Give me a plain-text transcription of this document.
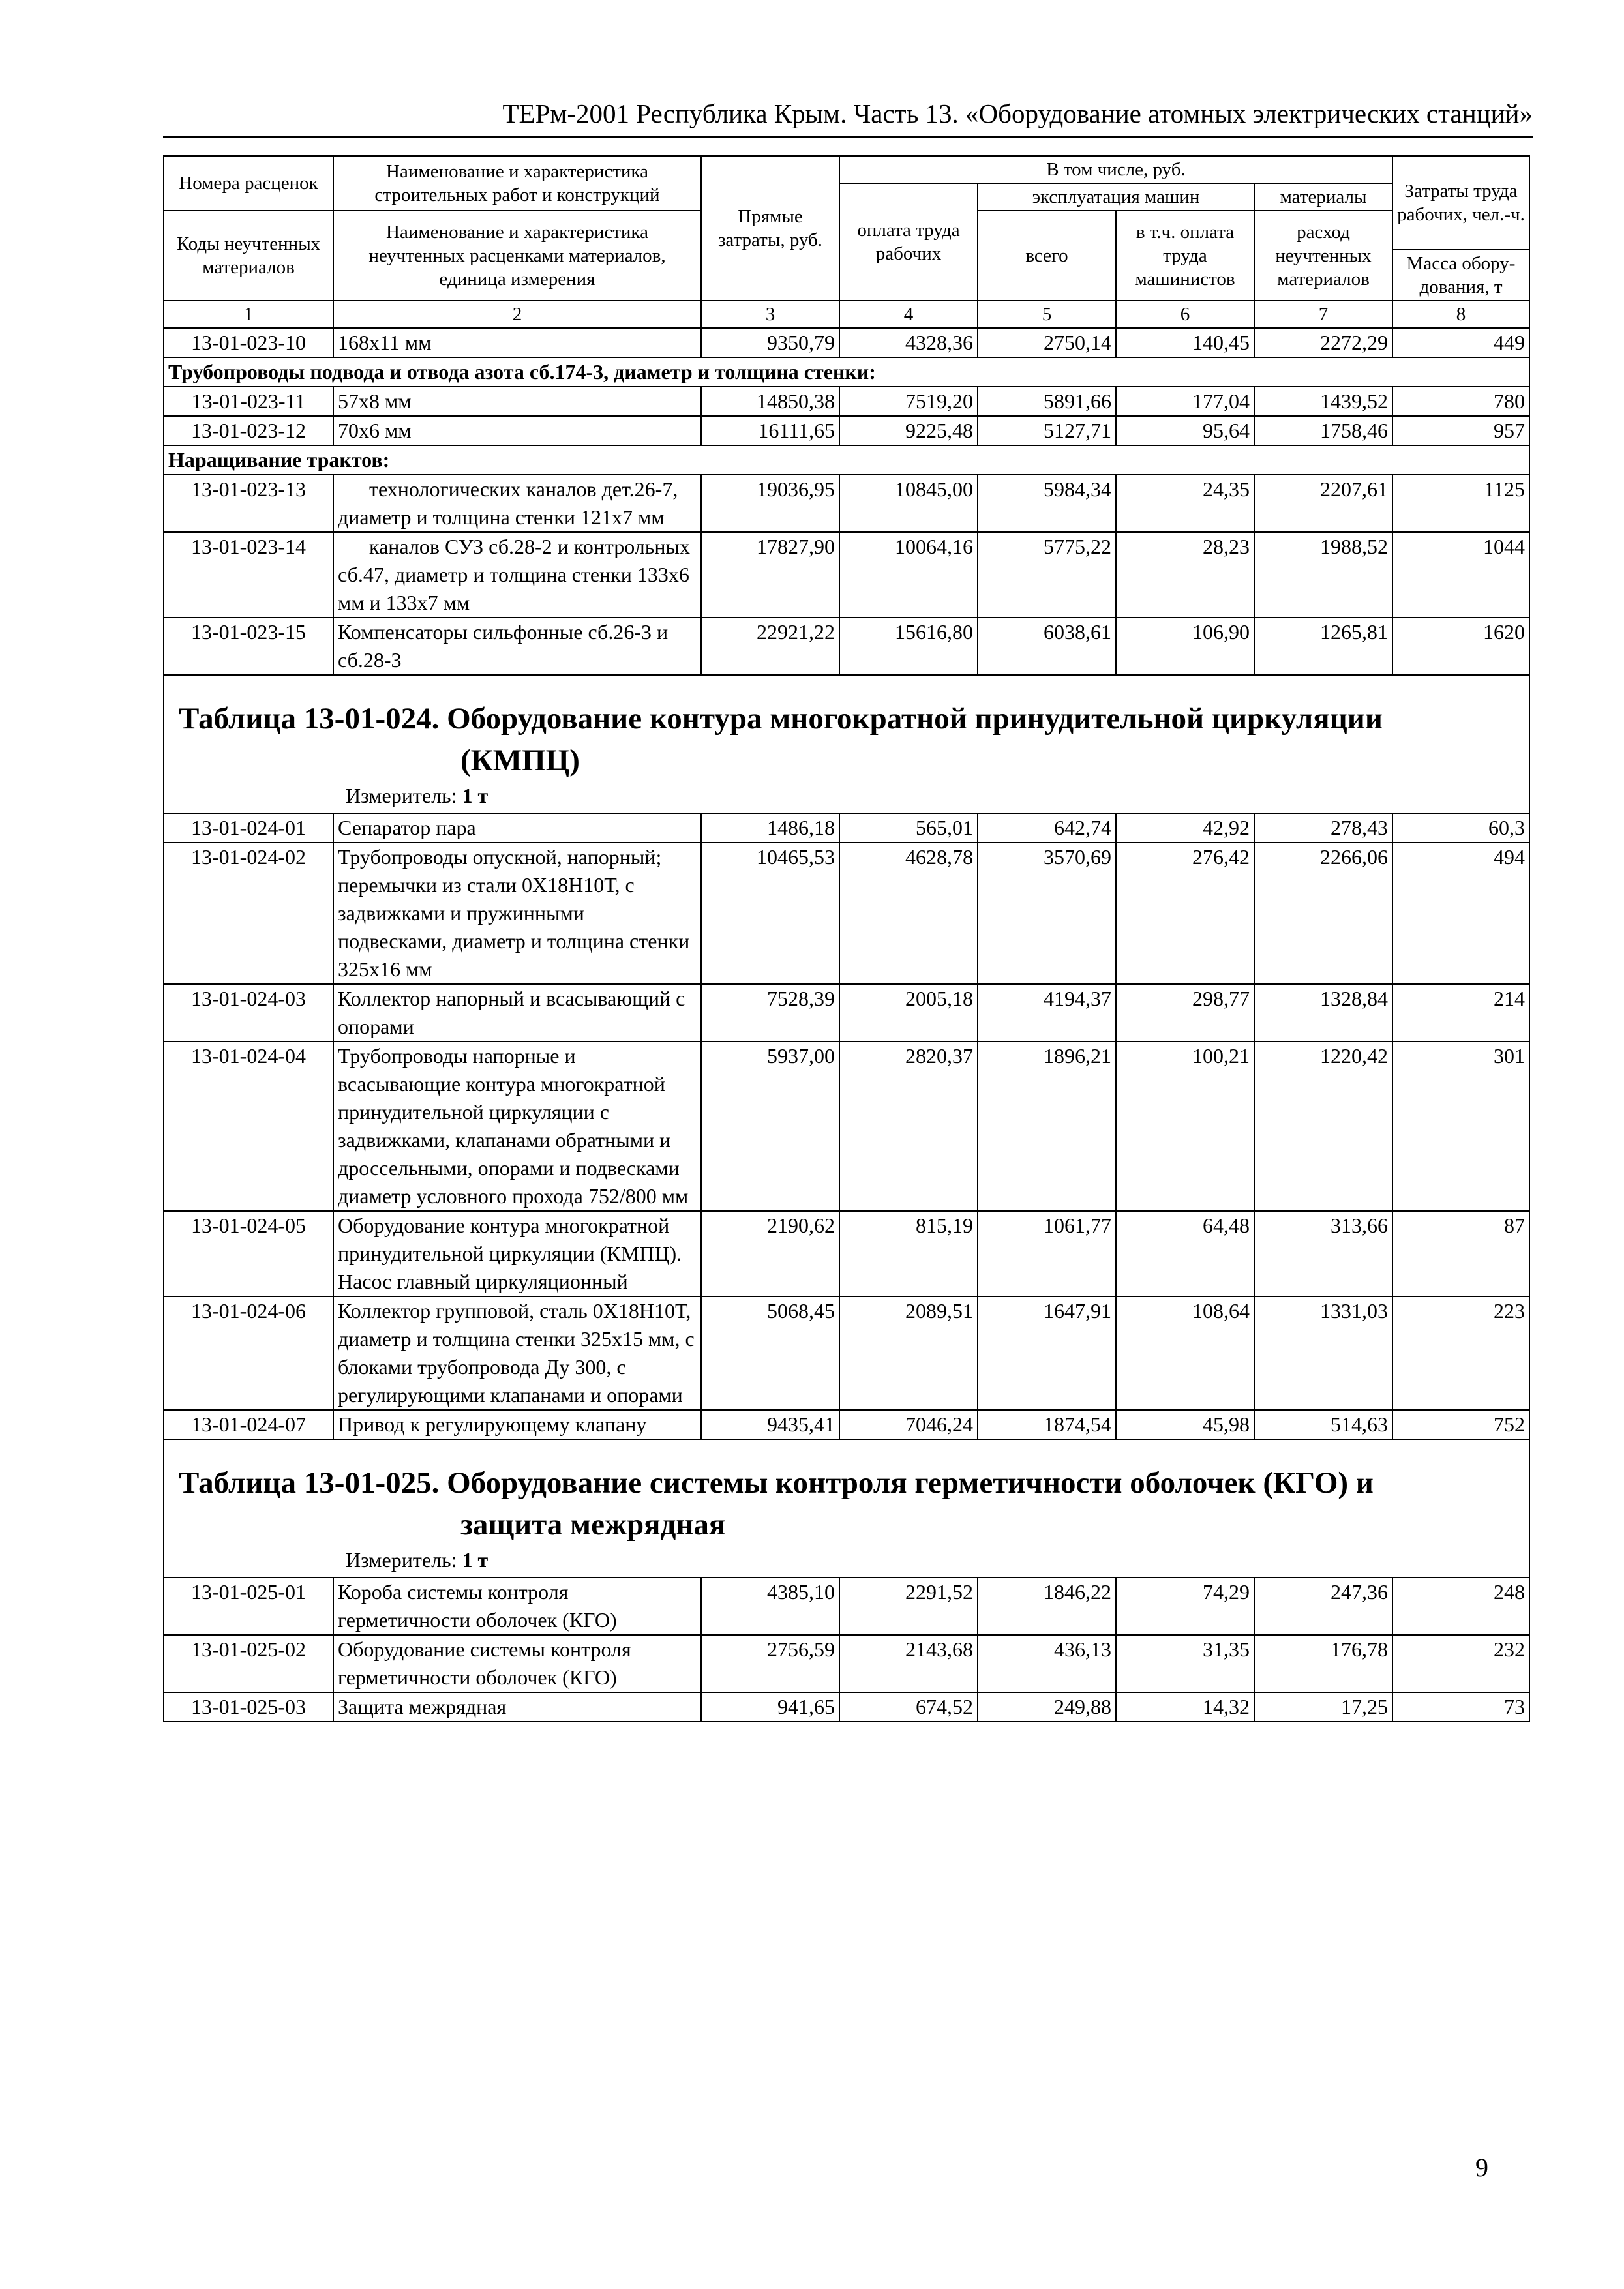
ТЕРм-2001 Республика Крым. Часть 13. «Оборудование атомных электрических станций»
Номера расценок	Наименование и характеристика строительных работ и конструкций	Прямые затраты, руб.	В том числе, руб.				Затраты труда рабочих, чел.-ч.
			оплата труда рабочих	эксплуатация машин		материалы	
Коды неучтенных материалов	Наименование и характеристика неучтенных расценками материалов, единица измерения			всего	в т.ч. оплата труда машинистов	расход неучтенных материалов	
							Масса обору-дования, т
1	2	3	4	5	6	7	8
13-01-023-10	168x11 мм	9350,79	4328,36	2750,14	140,45	2272,29	449
Трубопроводы подвода и отвода азота сб.174-3, диаметр и толщина стенки:							
13-01-023-11	57х8 мм	14850,38	7519,20	5891,66	177,04	1439,52	780
13-01-023-12	70х6 мм	16111,65	9225,48	5127,71	95,64	1758,46	957
Наращивание трактов:							
13-01-023-13	технологических каналов дет.26-7, диаметр и толщина стенки 121х7 мм	19036,95	10845,00	5984,34	24,35	2207,61	1125
13-01-023-14	каналов СУЗ сб.28-2 и контрольных сб.47, диаметр и толщина стенки 133х6 мм и 133х7 мм	17827,90	10064,16	5775,22	28,23	1988,52	1044
13-01-023-15	Компенсаторы сильфонные сб.26-3 и сб.28-3	22921,22	15616,80	6038,61	106,90	1265,81	1620

Таблица 13-01-024. Оборудование контура многократной принудительной циркуляции
(КМПЦ)
Измеритель: 1 т							

13-01-024-01	Сепаратор пара	1486,18	565,01	642,74	42,92	278,43	60,3
13-01-024-02	Трубопроводы опускной, напорный; перемычки из стали 0Х18Н10Т, с задвижками и пружинными подвесками, диаметр и толщина стенки 325х16 мм	10465,53	4628,78	3570,69	276,42	2266,06	494
13-01-024-03	Коллектор напорный и всасывающий с опорами	7528,39	2005,18	4194,37	298,77	1328,84	214
13-01-024-04	Трубопроводы напорные и всасывающие контура многократной принудительной циркуляции с задвижками, клапанами обратными и дроссельными, опорами и подвесками диаметр условного прохода 752/800 мм	5937,00	2820,37	1896,21	100,21	1220,42	301
13-01-024-05	Оборудование контура многократной принудительной циркуляции (КМПЦ). Насос главный циркуляционный	2190,62	815,19	1061,77	64,48	313,66	87
13-01-024-06	Коллектор групповой, сталь 0Х18Н10Т, диаметр и толщина стенки 325х15 мм, с блоками трубопровода Ду 300, с регулирующими клапанами и опорами	5068,45	2089,51	1647,91	108,64	1331,03	223
13-01-024-07	Привод к регулирующему клапану	9435,41	7046,24	1874,54	45,98	514,63	752

Таблица 13-01-025. Оборудование системы контроля герметичности оболочек (КГО) и
защита межрядная
Измеритель: 1 т							

13-01-025-01	Короба системы контроля герметичности оболочек (КГО)	4385,10	2291,52	1846,22	74,29	247,36	248
13-01-025-02	Оборудование системы контроля герметичности оболочек (КГО)	2756,59	2143,68	436,13	31,35	176,78	232
13-01-025-03	Защита межрядная	941,65	674,52	249,88	14,32	17,25	73
9
